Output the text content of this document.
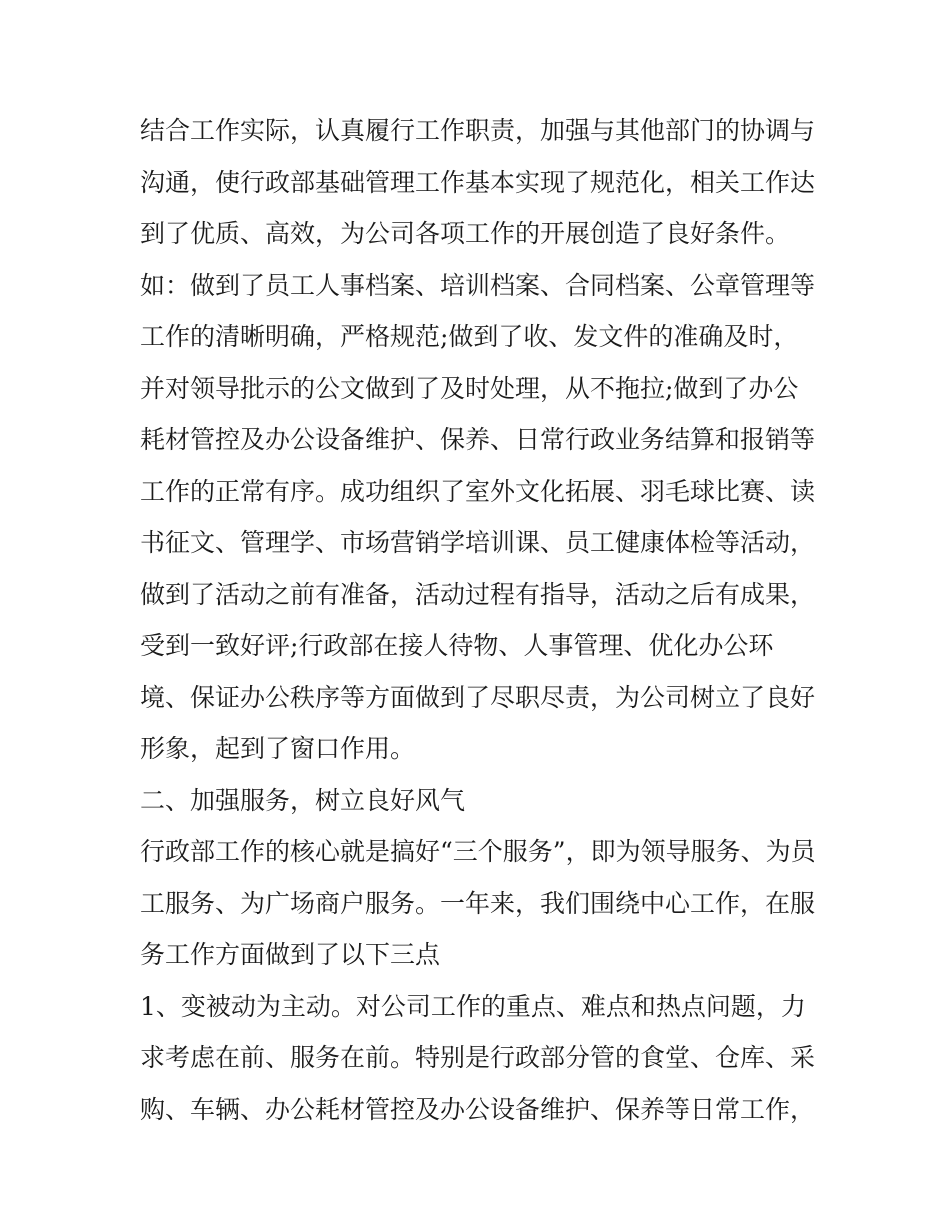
结合工作实际，认真履行工作职责，加强与其他部门的协调与
沟通，使行政部基础管理工作基本实现了规范化，相关工作达
到了优质、高效，为公司各项工作的开展创造了良好条件。
如：做到了员工人事档案、培训档案、合同档案、公章管理等
工作的清晰明确，严格规范;做到了收、发文件的准确及时，
并对领导批示的公文做到了及时处理，从不拖拉;做到了办公
耗材管控及办公设备维护、保养、日常行政业务结算和报销等
工作的正常有序。成功组织了室外文化拓展、羽毛球比赛、读
书征文、管理学、市场营销学培训课、员工健康体检等活动，
做到了活动之前有准备，活动过程有指导，活动之后有成果，
受到一致好评;行政部在接人待物、人事管理、优化办公环
境、保证办公秩序等方面做到了尽职尽责，为公司树立了良好
形象，起到了窗口作用。
二、加强服务，树立良好风气
行政部工作的核心就是搞好“三个服务”，即为领导服务、为员
工服务、为广场商户服务。一年来，我们围绕中心工作，在服
务工作方面做到了以下三点
1、变被动为主动。对公司工作的重点、难点和热点问题，力
求考虑在前、服务在前。特别是行政部分管的食堂、仓库、采
购、车辆、办公耗材管控及办公设备维护、保养等日常工作，
